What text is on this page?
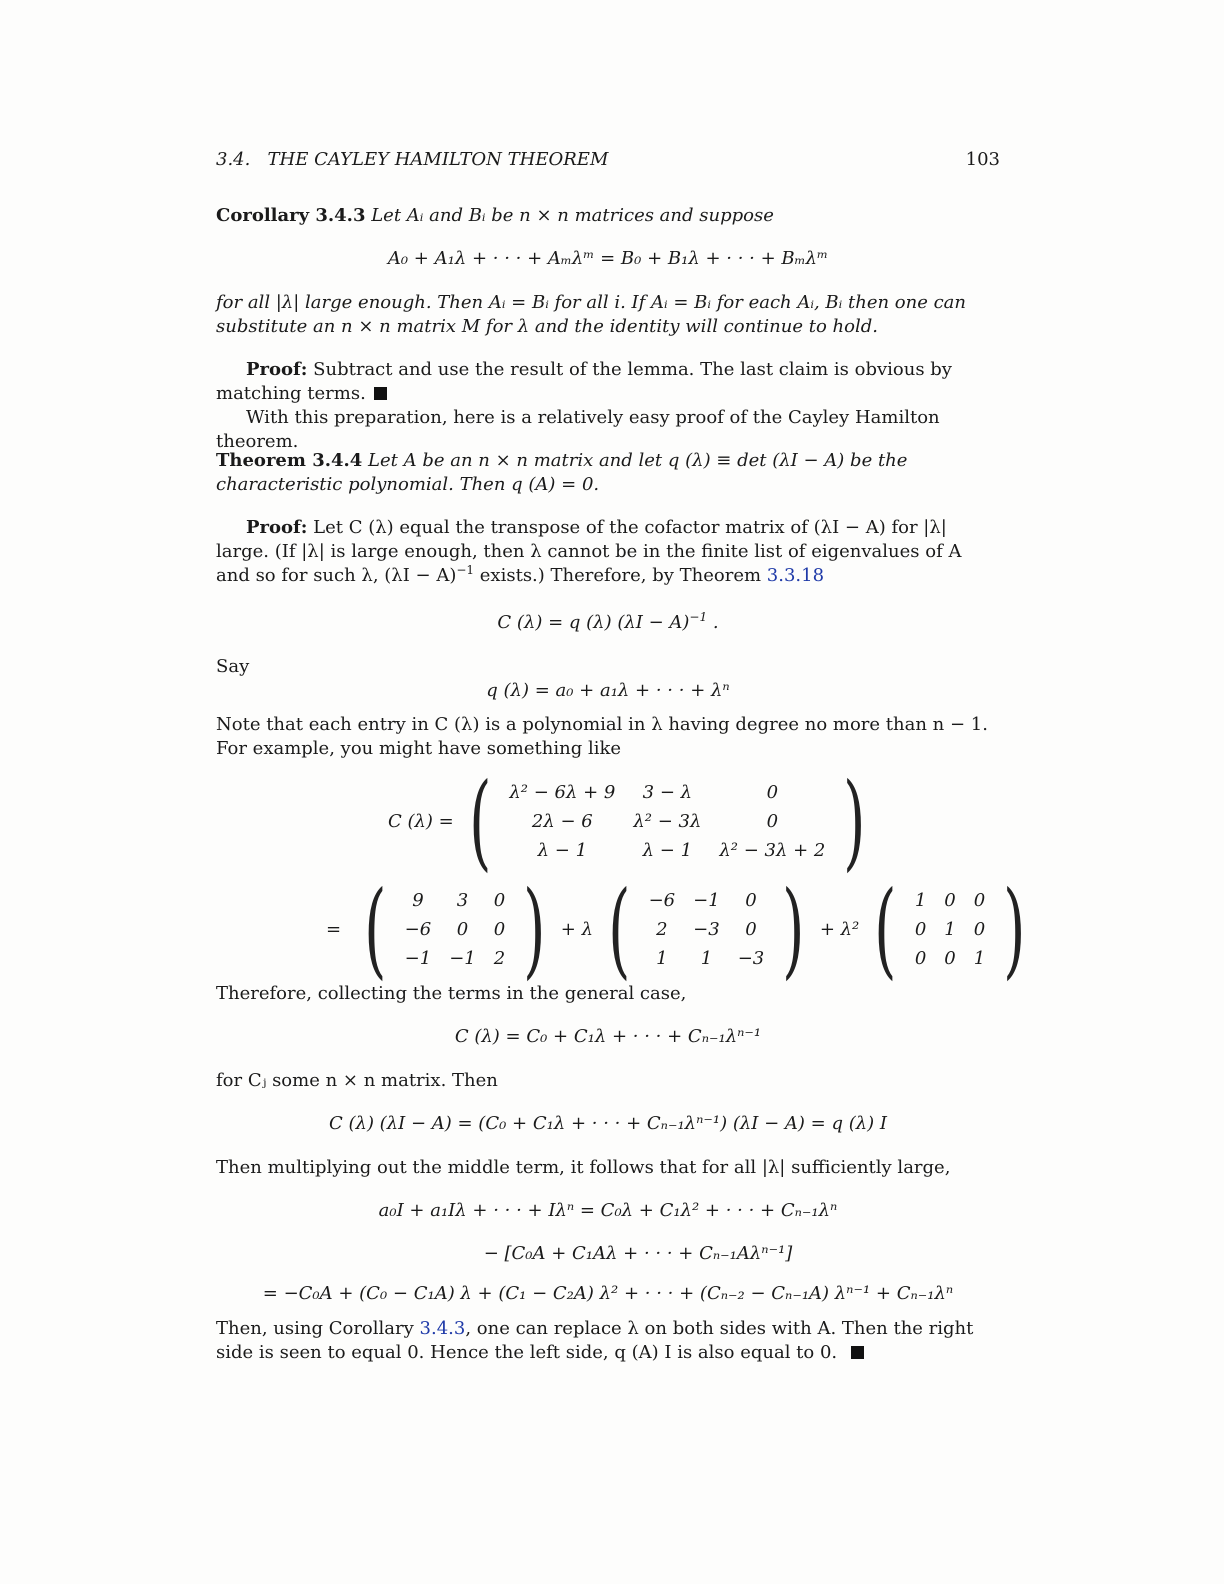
3.4.   THE CAYLEY HAMILTON THEOREM	103
Corollary 3.4.3 Let Aᵢ and Bᵢ be n × n matrices and suppose
A₀ + A₁λ + · · · + Aₘλᵐ = B₀ + B₁λ + · · · + Bₘλᵐ
for all |λ| large enough. Then Aᵢ = Bᵢ for all i. If Aᵢ = Bᵢ for each Aᵢ, Bᵢ then one can substitute an n × n matrix M for λ and the identity will continue to hold.
Proof: Subtract and use the result of the lemma. The last claim is obvious by matching terms.
With this preparation, here is a relatively easy proof of the Cayley Hamilton theorem.
Theorem 3.4.4 Let A be an n × n matrix and let q (λ) ≡ det (λI − A) be the characteristic polynomial. Then q (A) = 0.
Proof: Let C (λ) equal the transpose of the cofactor matrix of (λI − A) for |λ| large. (If |λ| is large enough, then λ cannot be in the finite list of eigenvalues of A and so for such λ, $(\lambda I - A)^{-1}$ exists.) Therefore, by Theorem 3.3.18
C (λ) = q (λ) $(\lambda I - A)^{-1}$ .
Say
q (λ) = a₀ + a₁λ + · · · + λⁿ
Note that each entry in C (λ) is a polynomial in λ having degree no more than n − 1. For example, you might have something like
C (λ) = ( λ² − 6λ + 9	3 − λ	0
2λ − 6	λ² − 3λ	0
λ − 1	λ − 1	λ² − 3λ + 2 )
= ( 9	3	0
−6	0	0
−1	−1	2 ) + λ ( −6	−1	0
2	−3	0
1	1	−3 ) + λ² ( 1	0	0
0	1	0
0	0	1 )
Therefore, collecting the terms in the general case,
C (λ) = C₀ + C₁λ + · · · + Cₙ₋₁λⁿ⁻¹
for Cⱼ some n × n matrix. Then
C (λ) (λI − A) = (C₀ + C₁λ + · · · + Cₙ₋₁λⁿ⁻¹) (λI − A) = q (λ) I
Then multiplying out the middle term, it follows that for all |λ| sufficiently large,
a₀I + a₁Iλ + · · · + Iλⁿ = C₀λ + C₁λ² + · · · + Cₙ₋₁λⁿ
− [C₀A + C₁Aλ + · · · + Cₙ₋₁Aλⁿ⁻¹]
= −C₀A + (C₀ − C₁A) λ + (C₁ − C₂A) λ² + · · · + (Cₙ₋₂ − Cₙ₋₁A) λⁿ⁻¹ + Cₙ₋₁λⁿ
Then, using Corollary 3.4.3, one can replace λ on both sides with A. Then the right side is seen to equal 0. Hence the left side, q (A) I is also equal to 0.
